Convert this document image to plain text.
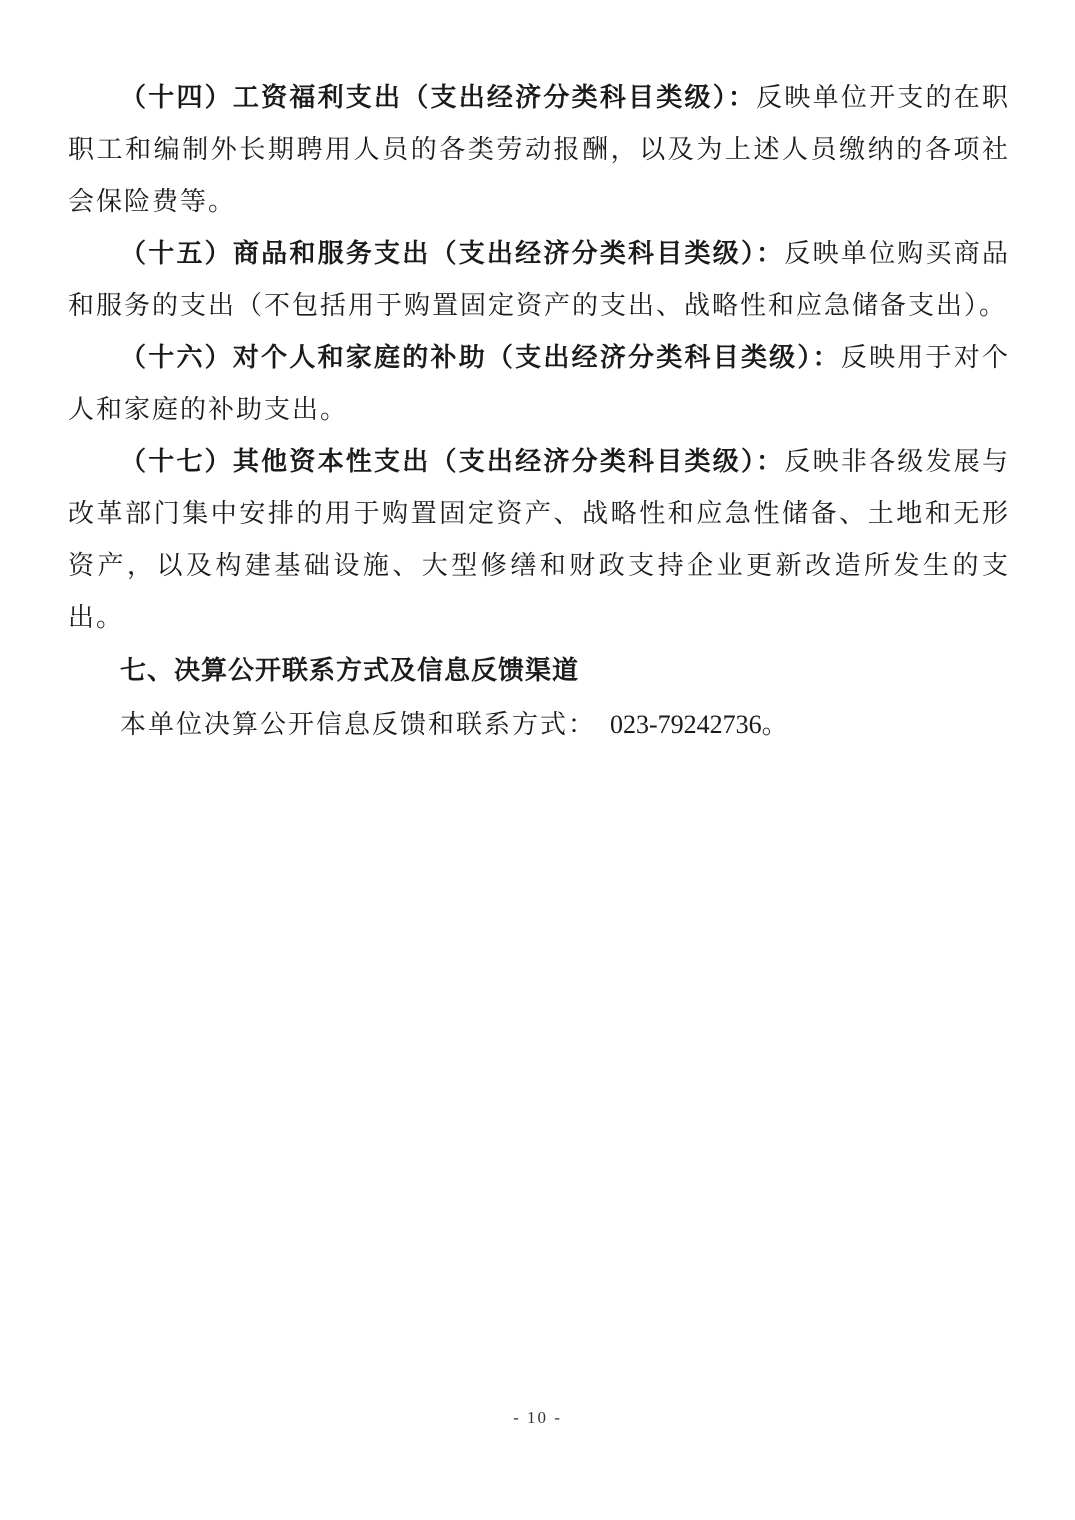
（十四）工资福利支出（支出经济分类科目类级）：反映单位开支的在职职工和编制外长期聘用人员的各类劳动报酬，以及为上述人员缴纳的各项社会保险费等。

（十五）商品和服务支出（支出经济分类科目类级）：反映单位购买商品和服务的支出（不包括用于购置固定资产的支出、战略性和应急储备支出）。

（十六）对个人和家庭的补助（支出经济分类科目类级）：反映用于对个人和家庭的补助支出。

（十七）其他资本性支出（支出经济分类科目类级）：反映非各级发展与改革部门集中安排的用于购置固定资产、战略性和应急性储备、土地和无形资产，以及构建基础设施、大型修缮和财政支持企业更新改造所发生的支出。

七、决算公开联系方式及信息反馈渠道

本单位决算公开信息反馈和联系方式： 023-79242736。

- 10 -
